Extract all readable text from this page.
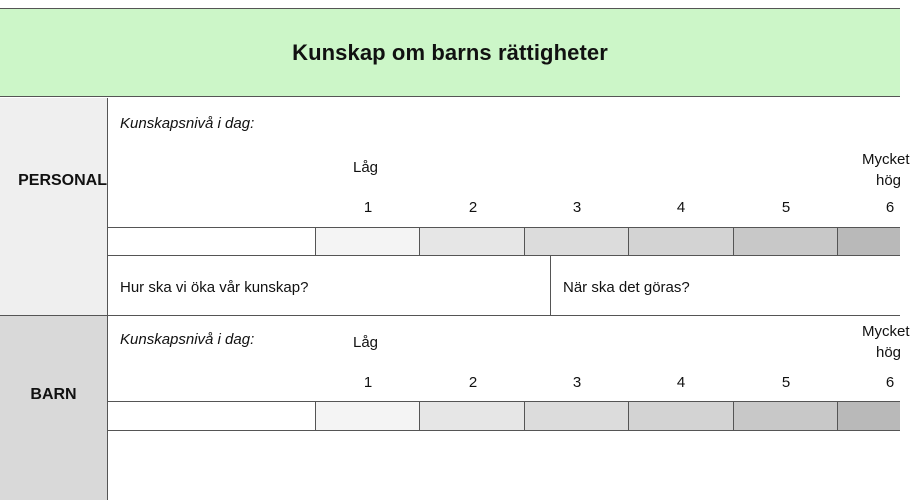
Kunskap om barns rättigheter
PERSONAL
BARN
Kunskapsnivå i dag:
Låg	Mycket
hög
1	2	3	4	5	6
Hur ska vi öka vår kunskap?	När ska det göras?
Kunskapsnivå i dag:	Låg
Mycket
hög
1	2	3	4	5	6
